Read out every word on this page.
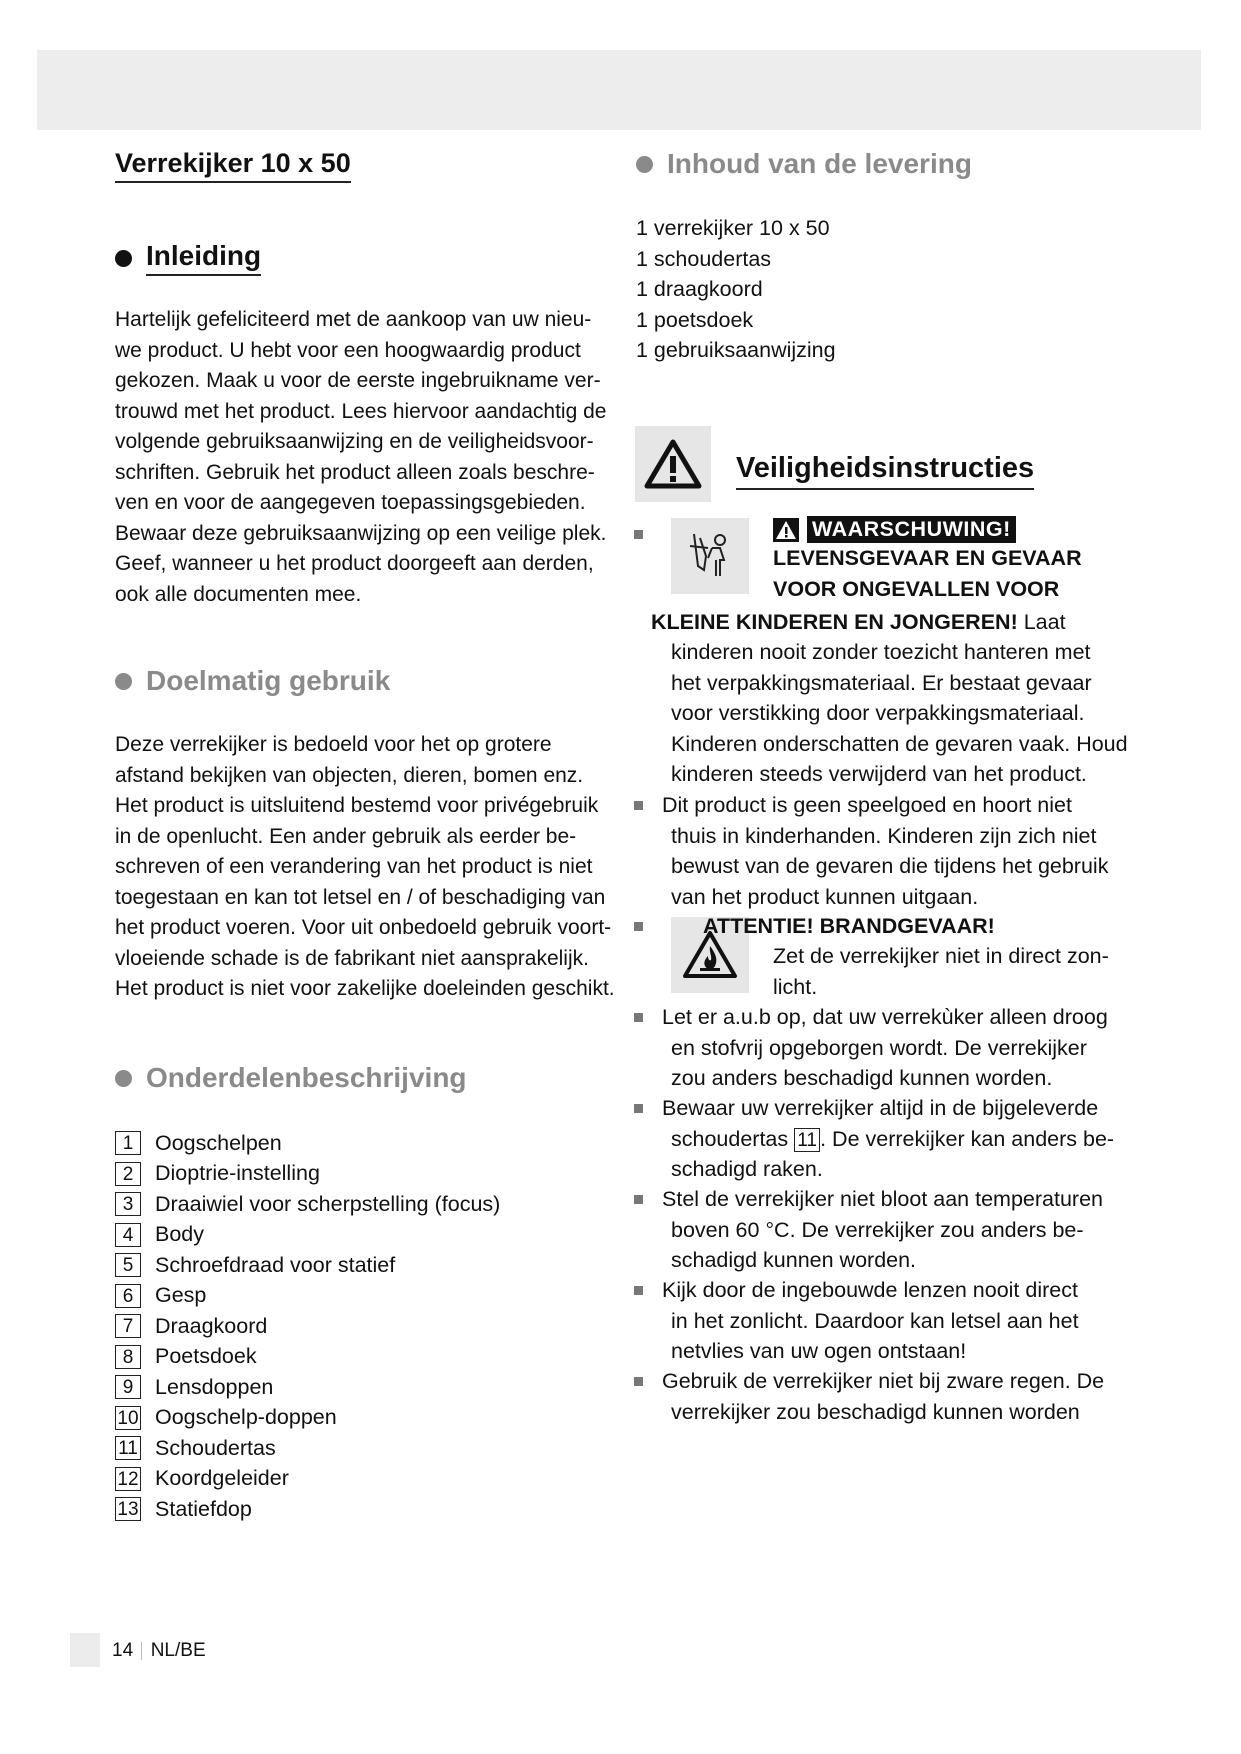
Verrekijker 10 x 50
Inleiding

Hartelijk gefeliciteerd met de aankoop van uw nieu-
we product. U hebt voor een hoogwaardig product
gekozen. Maak u voor de eerste ingebruikname ver-
trouwd met het product. Lees hiervoor aandachtig de
volgende gebruiksaanwijzing en de veiligheidsvoor-
schriften. Gebruik het product alleen zoals beschre-
ven en voor de aangegeven toepassingsgebieden.
Bewaar deze gebruiksaanwijzing op een veilige plek.
Geef, wanneer u het product doorgeeft aan derden,
ook alle documenten mee.

Doelmatig gebruik

Deze verrekijker is bedoeld voor het op grotere
afstand bekijken van objecten, dieren, bomen enz.
Het product is uitsluitend bestemd voor privégebruik
in de openlucht. Een ander gebruik als eerder be-
schreven of een verandering van het product is niet
toegestaan en kan tot letsel en / of beschadiging van
het product voeren. Voor uit onbedoeld gebruik voort-
vloeiende schade is de fabrikant niet aansprakelijk.
Het product is niet voor zakelijke doeleinden geschikt.

Onderdelenbeschrijving
1	Oogschelpen
2	Dioptrie-instelling
3	Draaiwiel voor scherpstelling (focus)
4	Body
5	Schroefdraad voor statief
6	Gesp
7	Draagkoord
8	Poetsdoek
9	Lensdoppen
10 Oogschelp-doppen
11 Schoudertas
12 Koordgeleider
13 Statiefdop
Inhoud van de levering
1 verrekijker 10 x 50
1 schoudertas
1 draagkoord
1 poetsdoek
1 gebruiksaanwijzing
Veiligheidsinstructies
WAARSCHUWING!
LEVENSGEVAAR EN GEVAAR
VOOR ONGEVALLEN VOOR
KLEINE KINDEREN EN JONGEREN! Laat
kinderen nooit zonder toezicht hanteren met
het verpakkingsmateriaal. Er bestaat gevaar
voor verstikking door verpakkingsmateriaal.
Kinderen onderschatten de gevaren vaak. Houd
kinderen steeds verwijderd van het product.
Dit product is geen speelgoed en hoort niet
thuis in kinderhanden. Kinderen zijn zich niet
bewust van de gevaren die tijdens het gebruik
van het product kunnen uitgaan.
ATTENTIE! BRANDGEVAAR!
Zet de verrekijker niet in direct zon-
licht.
Let er a.u.b op, dat uw verrekùker alleen droog
en stofvrij opgeborgen wordt. De verrekijker
zou anders beschadigd kunnen worden.
Bewaar uw verrekijker altijd in de bijgeleverde
schoudertas 11 . De verrekijker kan anders be-
schadigd raken.
Stel de verrekijker niet bloot aan temperaturen
boven 60 °C. De verrekijker zou anders be-
schadigd kunnen worden.
Kijk door de ingebouwde lenzen nooit direct
in het zonlicht. Daardoor kan letsel aan het
netvlies van uw ogen ontstaan!
Gebruik de verrekijker niet bij zware regen. De
verrekijker zou beschadigd kunnen worden
14 NL/BE
